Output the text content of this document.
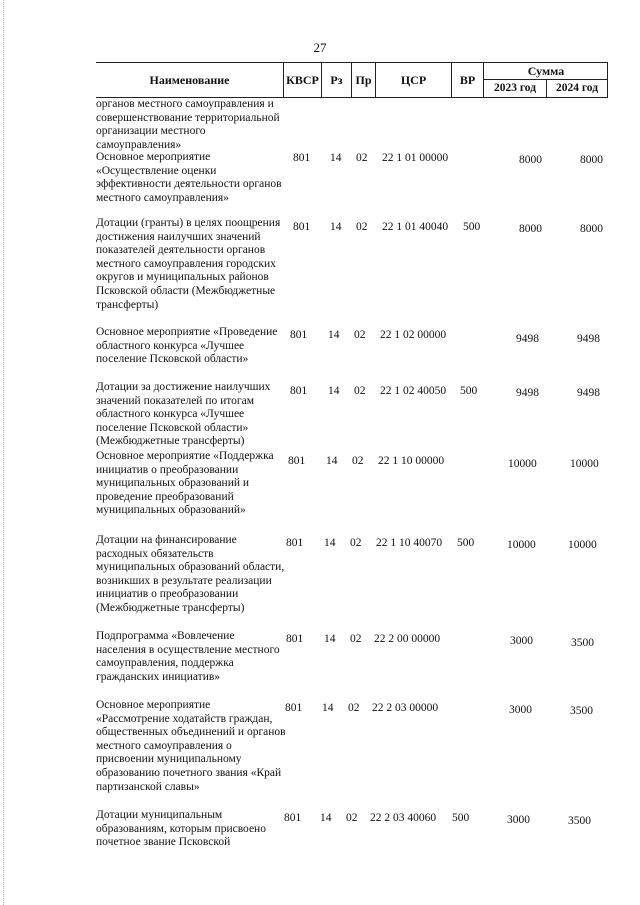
27
Наименование	КВСР Рз	Пр	ЦСР	ВР
Сумма
2023 год	2024 год
органов местного самоуправления и совершенствование территориальной организации местного самоуправления»
Основное мероприятие «Осуществление оценки эффективности деятельности органов местного самоуправления»
801 14 02 22 1 01 00000	8000	8000
Дотации (гранты) в целях поощрения достижения наилучших значений показателей деятельности органов местного самоуправления городских округов и муниципальных районов Псковской области (Межбюджетные трансферты)
801 14 02 22 1 01 40040 500	8000	8000
Основное мероприятие «Проведение областного конкурса «Лучшее поселение Псковской области»
801 14 02 22 1 02 00000	9498	9498
Дотации за достижение наилучших значений показателей по итогам областного конкурса «Лучшее поселение Псковской области» (Межбюджетные трансферты)
801 14 02 22 1 02 40050 500	9498	9498
Основное мероприятие «Поддержка инициатив о преобразовании муниципальных образований и проведение преобразований муниципальных образований»
801 14 02 22 1 10 00000	10000	10000
Дотации на финансирование расходных обязательств муниципальных образований области, возникших в результате реализации инициатив о преобразовании (Межбюджетные трансферты)
801 14 02 22 1 10 40070 500	10000	10000
Подпрограмма «Вовлечение населения в осуществление местного самоуправления, поддержка гражданских инициатив»
801 14 02 22 2 00 00000	3000	3500
Основное мероприятие «Рассмотрение ходатайств граждан, общественных объединений и органов местного самоуправления о присвоении муниципальному образованию почетного звания «Край партизанской славы»
801 14 02 22 2 03 00000	3000	3500
Дотации муниципальным образованиям, которым присвоено почетное звание Псковской
801 14 02 22 2 03 40060 500	3000	3500
